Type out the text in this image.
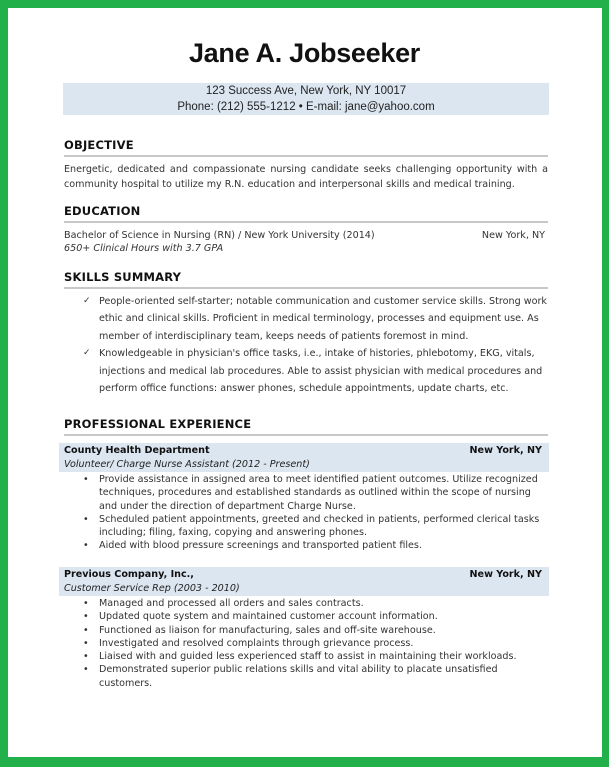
Jane A. Jobseeker
123 Success Ave, New York, NY 10017
Phone: (212) 555-1212 • E-mail: jane@yahoo.com
OBJECTIVE
Energetic, dedicated and compassionate nursing candidate seeks challenging opportunity with a community hospital to utilize my R.N. education and interpersonal skills and medical training.
EDUCATION
Bachelor of Science in Nursing (RN) / New York University (2014)	New York, NY
650+ Clinical Hours with 3.7 GPA
SKILLS SUMMARY
✓ People-oriented self-starter; notable communication and customer service skills. Strong work ethic and clinical skills. Proficient in medical terminology, processes and equipment use. As member of interdisciplinary team, keeps needs of patients foremost in mind.
✓ Knowledgeable in physician's office tasks, i.e., intake of histories, phlebotomy, EKG, vitals, injections and medical lab procedures. Able to assist physician with medical procedures and perform office functions: answer phones, schedule appointments, update charts, etc.
PROFESSIONAL EXPERIENCE
County Health Department	New York, NY
Volunteer/ Charge Nurse Assistant (2012 - Present)
• Provide assistance in assigned area to meet identified patient outcomes. Utilize recognized techniques, procedures and established standards as outlined within the scope of nursing and under the direction of department Charge Nurse.
• Scheduled patient appointments, greeted and checked in patients, performed clerical tasks including; filing, faxing, copying and answering phones.
• Aided with blood pressure screenings and transported patient files.
Previous Company, Inc.,	New York, NY
Customer Service Rep (2003 - 2010)
• Managed and processed all orders and sales contracts.
• Updated quote system and maintained customer account information.
• Functioned as liaison for manufacturing, sales and off-site warehouse.
• Investigated and resolved complaints through grievance process.
• Liaised with and guided less experienced staff to assist in maintaining their workloads.
• Demonstrated superior public relations skills and vital ability to placate unsatisfied customers.
